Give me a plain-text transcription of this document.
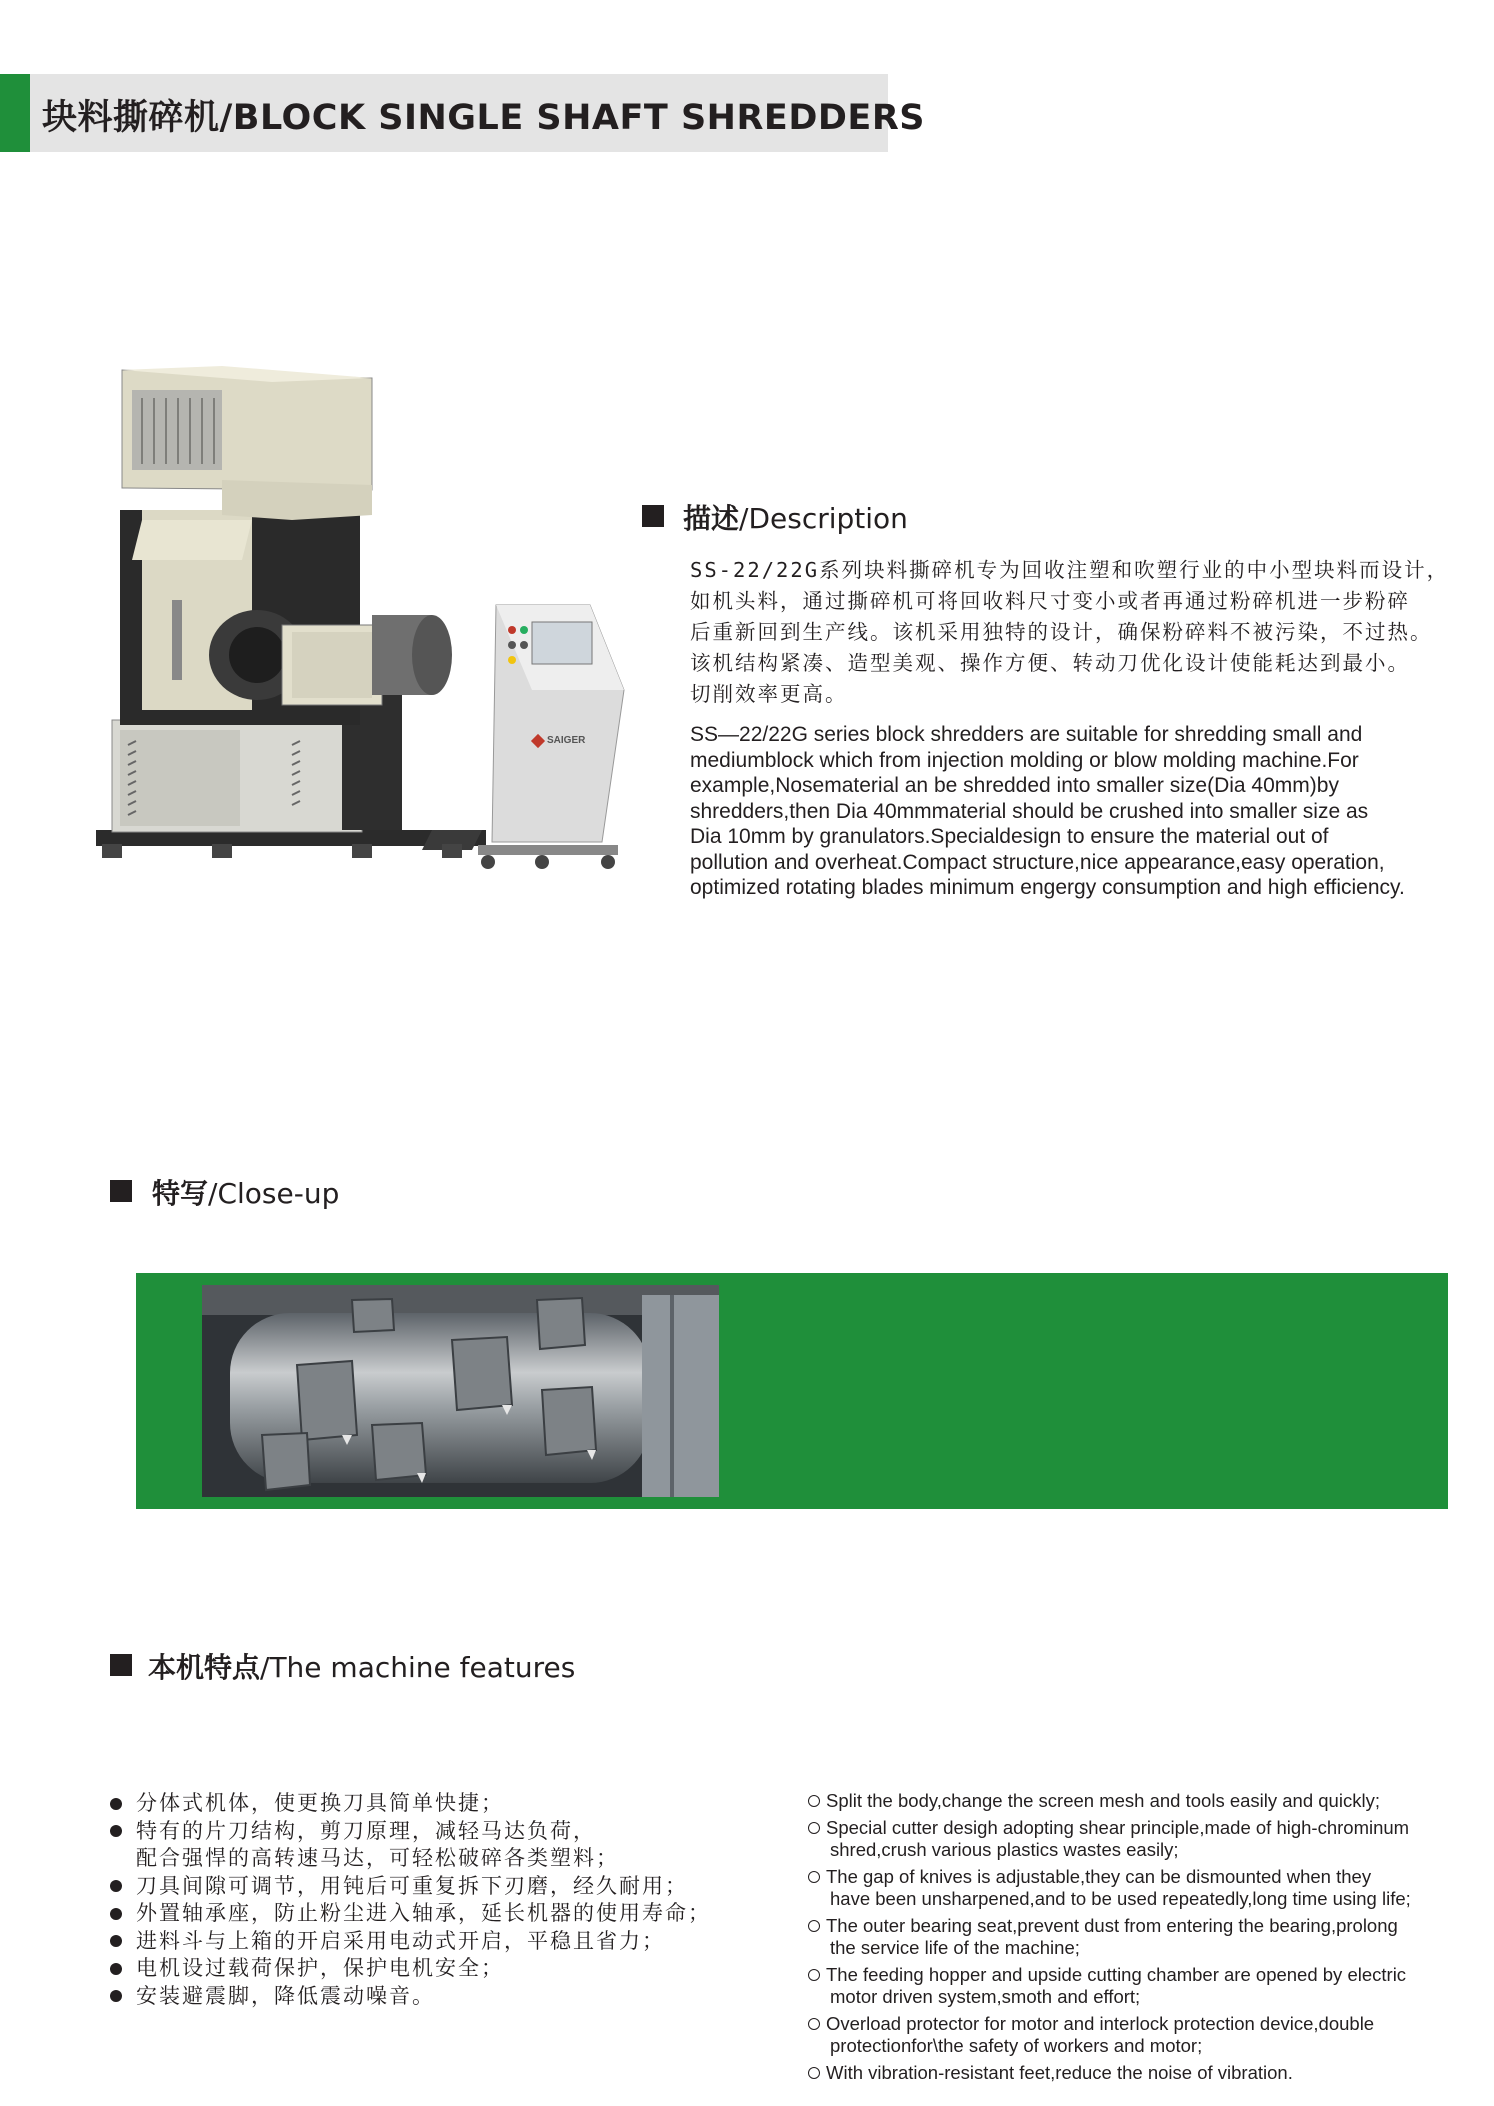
块料撕碎机/BLOCK SINGLE SHAFT SHREDDERS
SAIGER
描述/Description
SS-22/22G系列块料撕碎机专为回收注塑和吹塑行业的中小型块料而设计，
如机头料，通过撕碎机可将回收料尺寸变小或者再通过粉碎机进一步粉碎
后重新回到生产线。该机采用独特的设计，确保粉碎料不被污染，不过热。
该机结构紧凑、造型美观、操作方便、转动刀优化设计使能耗达到最小。
切削效率更高。
SS—22/22G series block shredders are suitable for shredding small and
mediumblock which from injection molding or blow molding machine.For
example,Nosematerial an be shredded into smaller size(Dia 40mm)by
shredders,then Dia 40mmmaterial should be crushed into smaller size as
Dia 10mm by granulators.Specialdesign to ensure the material out of
pollution and overheat.Compact structure,nice appearance,easy operation,
optimized rotating blades minimum engergy consumption and high efficiency.
特写/Close-up
本机特点/The machine features
分体式机体，使更换刀具简单快捷；
特有的片刀结构，剪刀原理，减轻马达负荷，
配合强悍的高转速马达，可轻松破碎各类塑料；
刀具间隙可调节，用钝后可重复拆下刃磨，经久耐用；
外置轴承座，防止粉尘进入轴承，延长机器的使用寿命；
进料斗与上箱的开启采用电动式开启，平稳且省力；
电机设过载荷保护，保护电机安全；
安装避震脚，降低震动噪音。
Split the body,change the screen mesh and tools easily and quickly;
Special cutter desigh adopting shear principle,made of high-chrominum
shred,crush various plastics wastes easily;
The gap of knives is adjustable,they can be dismounted when they
have been unsharpened,and to be used repeatedly,long time using life;
The outer bearing seat,prevent dust from entering the bearing,prolong
the service life of the machine;
The feeding hopper and upside cutting chamber are opened by electric
motor driven system,smoth and effort;
Overload protector for motor and interlock protection device,double
protectionfor\the safety of workers and motor;
With vibration-resistant feet,reduce the noise of vibration.
